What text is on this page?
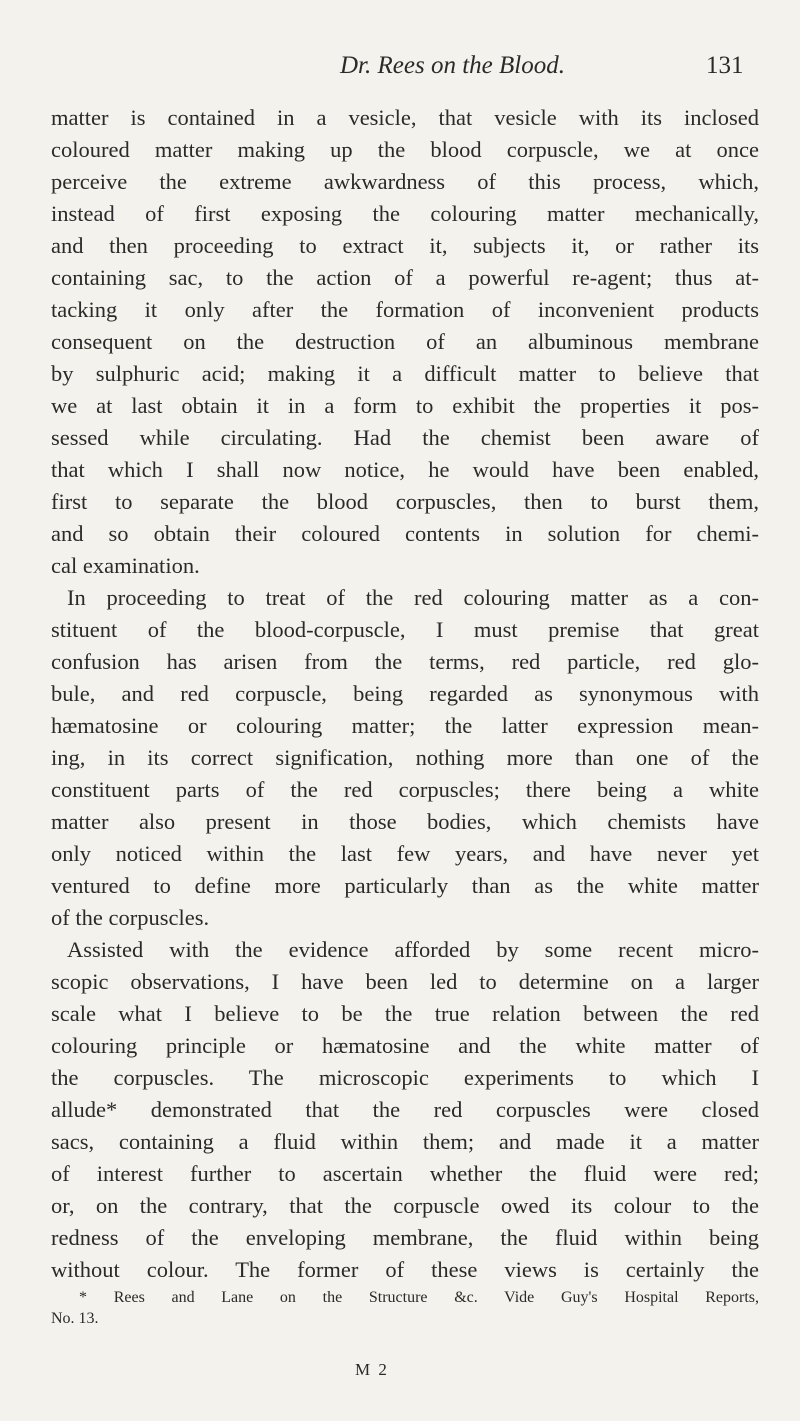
Dr. Rees on the Blood.	131
matter is contained in a vesicle, that vesicle with its inclosed
coloured matter making up the blood corpuscle, we at once
perceive the extreme awkwardness of this process, which,
instead of first exposing the colouring matter mechanically,
and then proceeding to extract it, subjects it, or rather its
containing sac, to the action of a powerful re-agent; thus at-
tacking it only after the formation of inconvenient products
consequent on the destruction of an albuminous membrane
by sulphuric acid; making it a difficult matter to believe that
we at last obtain it in a form to exhibit the properties it pos-
sessed while circulating. Had the chemist been aware of
that which I shall now notice, he would have been enabled,
first to separate the blood corpuscles, then to burst them,
and so obtain their coloured contents in solution for chemi-
cal examination.
In proceeding to treat of the red colouring matter as a con-
stituent of the blood-corpuscle, I must premise that great
confusion has arisen from the terms, red particle, red glo-
bule, and red corpuscle, being regarded as synonymous with
hæmatosine or colouring matter; the latter expression mean-
ing, in its correct signification, nothing more than one of the
constituent parts of the red corpuscles; there being a white
matter also present in those bodies, which chemists have
only noticed within the last few years, and have never yet
ventured to define more particularly than as the white matter
of the corpuscles.
Assisted with the evidence afforded by some recent micro-
scopic observations, I have been led to determine on a larger
scale what I believe to be the true relation between the red
colouring principle or hæmatosine and the white matter of
the corpuscles. The microscopic experiments to which I
allude* demonstrated that the red corpuscles were closed
sacs, containing a fluid within them; and made it a matter
of interest further to ascertain whether the fluid were red;
or, on the contrary, that the corpuscle owed its colour to the
redness of the enveloping membrane, the fluid within being
without colour. The former of these views is certainly the
* Rees and Lane on the Structure &c. Vide Guy's Hospital Reports,
No. 13.
M 2
